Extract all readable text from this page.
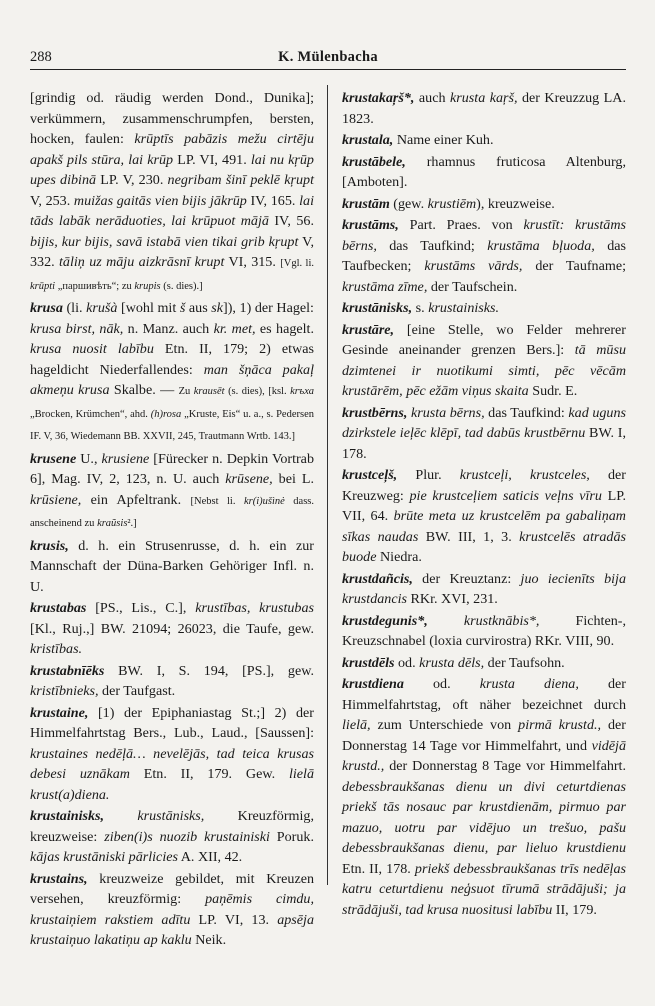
288	K. Mülenbacha

[grindig od. räudig werden Dond., Dunika]; verkümmern, zusammenschrumpfen, bersten, hocken, faulen: krūptīs pabāzis mežu cirtēju apakš pils stūra, lai krūp LP. VI, 491. lai nu kŗūp upes dibinā LP. V, 230. negribam šinī peklē kŗupt V, 253. muižas gaitās vien bijis jākrūp IV, 165. lai tāds labāk nerāduoties, lai krūpuot mājā IV, 56. bijis, kur bijis, savā istabā vien tikai grib kŗupt V, 332. tāliņ uz māju aizkrāsnī krupt VI, 315. [Vgl. li. krūpti „паршивѣть“; zu krupis (s. dies).]

krusa (li. krušà [wohl mit š aus sk]), 1) der Hagel: krusa birst, nāk, n. Manz. auch kr. mеt, es hagelt. krusa nuosit labību Etn. II, 179; 2) etwas hageldicht Niederfallendes: man šņāca pakaļ akmeņu krusa Skalbe. — Zu krausēt (s. dies), [ksl. krъха „Brocken, Krümchen“, ahd. (h)rosa „Kruste, Eis“ u. a., s. Pedersen IF. V, 36, Wiedemann BB. XXVII, 245, Trautmann Wrtb. 143.]

krusene U., krusiene [Fürecker n. Depkin Vortrab 6], Mag. IV, 2, 123, n. U. auch krūsene, bei L. krūsiene, ein Apfeltrank. [Nebst li. kr(i)ušìnė dass. anscheinend zu kraũsis².]

krusis, d. h. ein Strusenrusse, d. h. ein zur Mannschaft der Düna-Barken Gehöriger Infl. n. U.

krustabas [PS., Lis., C.], krustības, krustubas [Kl., Ruj.,] BW. 21094; 26023, die Taufe, gew. kristības.

krustabnīēks BW. I, S. 194, [PS.], gew. kristībnieks, der Taufgast.

krustaine, [1) der Epiphaniastag St.;] 2) der Himmelfahrtstag Bers., Lub., Laud., [Saussen]: krustaines nedēļā… nevelējās, tad teica krusas debesi uznākam Etn. II, 179. Gew. lielā krust(a)diena.

krustainisks, krustānisks, Kreuzförmig, kreuzweise: ziben(i)s nuozib krustainiski Poruk. kājas krustāniski pārlicies A. XII, 42.

krustains, kreuzweize gebildet, mit Kreuzen versehen, kreuzförmig: paņēmis cimdu, krustaiņiem rakstiem adītu LP. VI, 13. apsēja krustaiņuo lakatiņu ap kaklu Neik.

krustakaŗš*, auch krusta kaŗš, der Kreuzzug LA. 1823.

krustala, Name einer Kuh.

krustābele, rhamnus fruticosa Altenburg, [Amboten].

krustām (gew. krustiēm), kreuzweise.

krustāms, Part. Praes. von krustīt: krustāms bērns, das Taufkind; krustāma bļuoda, das Taufbecken; krustāms vārds, der Taufname; krustāma zīme, der Taufschein.

krustānisks, s. krustainisks.

krustāre, [eine Stelle, wo Felder mehrerer Gesinde aneinander grenzen Bers.]: tā mūsu dzimtenei ir nuotikumi simti, pēc vēcām krustārēm, pēc ežām viņus skaita Sudr. E.

krustbērns, krusta bērns, das Taufkind: kad uguns dzirkstele ieļēc klēpī, tad dabūs krustbērnu BW. I, 178.

krustceļš, Plur. krustceļi, krustceles, der Kreuzweg: pie krustceļiem saticis veļns vīru LP. VII, 64. brūte meta uz krustcelēm pa gabaliņam sīkas naudas BW. III, 1, 3. krustcelēs atradās buode Niedra.

krustdañcis, der Kreuztanz: juo iecienīts bija krustdancis RKr. XVI, 231.

krustdegunis*,	krustknābis*, Fichten-, Kreuzschnabel (loxia curvirostra) RKr. VIII, 90.

krustdēls od. krusta dēls, der Taufsohn.

krustdiena od. krusta diena, der Himmelfahrtstag, oft näher bezeichnet durch lielā, zum Unterschiede von pirmā krustd., der Donnerstag 14 Tage vor Himmelfahrt, und vidējā krustd., der Donnerstag 8 Tage vor Himmelfahrt. debessbraukšanas dienu un divi ceturtdienas priekš tās nosauc par krustdienām, pirmuo par mazuo, uotru par vidējuo un trešuo, pašu debessbraukšanas dienu, par lieluo krustdienu Etn. II, 178. priekš debessbraukšanas trīs nedēļas katru ceturtdienu neģsuot tīrumā strādājuši; ja strādājuši, tad krusa nuositusi labību II, 179.
